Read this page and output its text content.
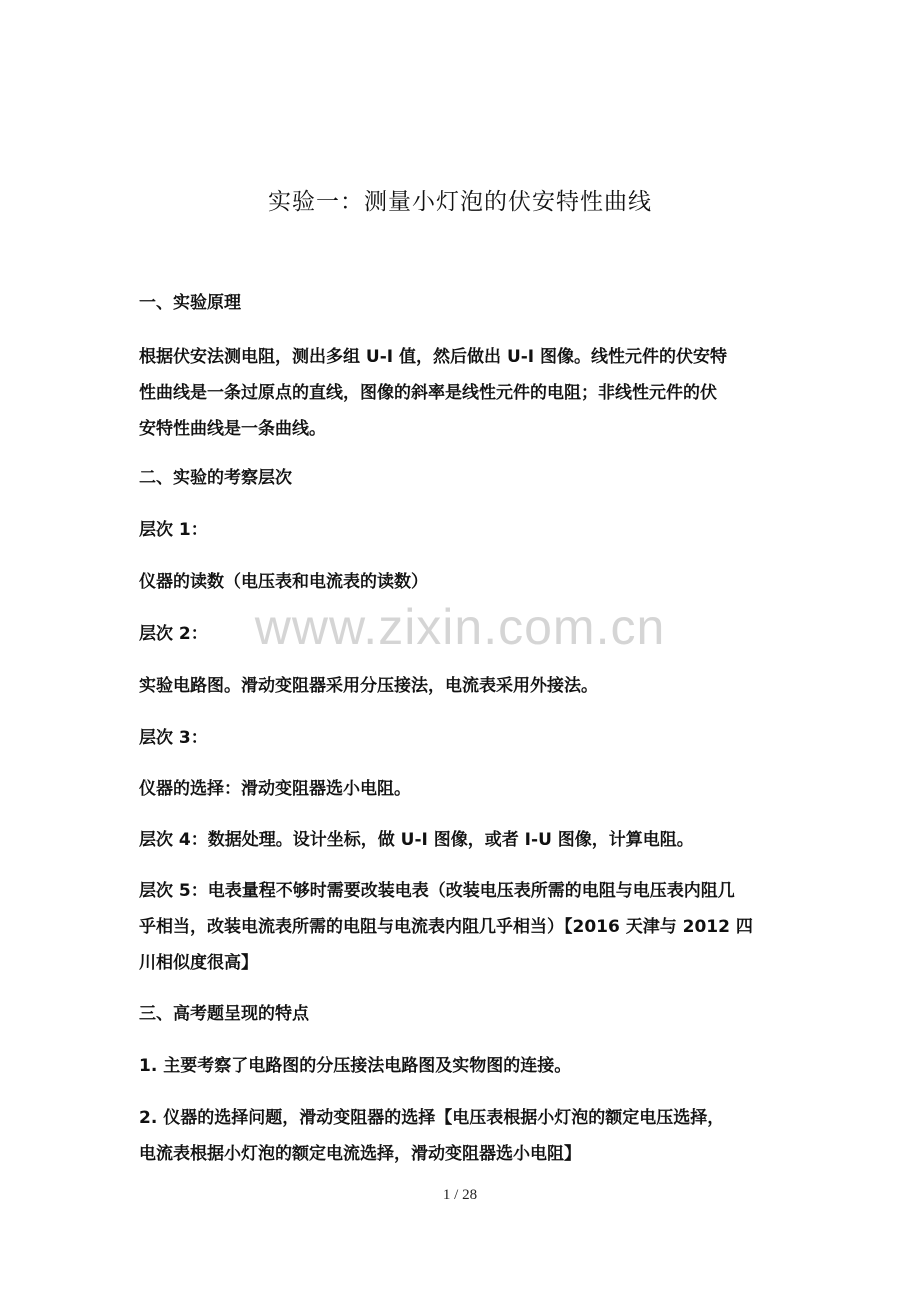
实验一：测量小灯泡的伏安特性曲线

一、实验原理

根据伏安法测电阻，测出多组 U-I 值，然后做出 U-I 图像。线性元件的伏安特
性曲线是一条过原点的直线，图像的斜率是线性元件的电阻；非线性元件的伏
安特性曲线是一条曲线。

二、实验的考察层次

层次 1：

仪器的读数（电压表和电流表的读数）

层次 2：

实验电路图。滑动变阻器采用分压接法，电流表采用外接法。

层次 3：

仪器的选择：滑动变阻器选小电阻。

层次 4：数据处理。设计坐标，做 U-I 图像，或者 I-U 图像，计算电阻。

层次 5：电表量程不够时需要改装电表（改装电压表所需的电阻与电压表内阻几
乎相当，改装电流表所需的电阻与电流表内阻几乎相当）【2016 天津与 2012 四
川相似度很高】

三、高考题呈现的特点

1. 主要考察了电路图的分压接法电路图及实物图的连接。

2. 仪器的选择问题，滑动变阻器的选择【电压表根据小灯泡的额定电压选择，
电流表根据小灯泡的额定电流选择，滑动变阻器选小电阻】
www.zixin.com.cn
1 / 28
